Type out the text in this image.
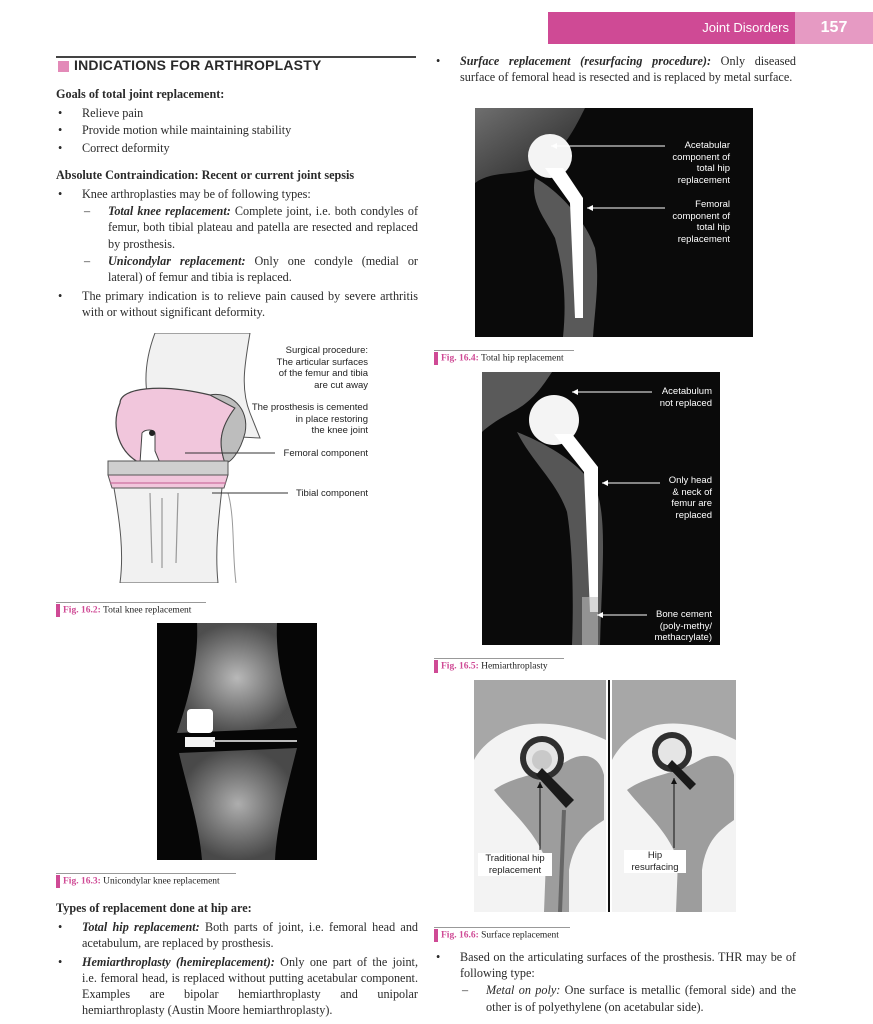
Joint Disorders	157
INDICATIONS FOR ARTHROPLASTY
Goals of total joint replacement:
• Relieve pain
• Provide motion while maintaining stability
• Correct deformity
Absolute Contraindication: Recent or current joint sepsis
• Knee arthroplasties may be of following types:
– Total knee replacement: Complete joint, i.e. both condyles of femur, both tibial plateau and patella are resected and replaced by prosthesis.
– Unicondylar replacement: Only one condyle (medial or lateral) of femur and tibia is replaced.
• The primary indication is to relieve pain caused by severe arthritis with or without significant deformity.
Surgical procedure:
The articular surfaces
of the femur and tibia
are cut away
The prosthesis is cemented
in place restoring
the knee joint
Femoral component
Tibial component
Fig. 16.2: Total knee replacement
Fig. 16.3: Unicondylar knee replacement
Types of replacement done at hip are:
• Total hip replacement: Both parts of joint, i.e. femoral head and acetabulum, are replaced by prosthesis.
• Hemiarthroplasty (hemireplacement): Only one part of the joint, i.e. femoral head, is replaced without putting acetabular component. Examples are bipolar hemiarthroplasty and unipolar hemiarthroplasty (Austin Moore hemiarthroplasty).
• Surface replacement (resurfacing procedure): Only diseased surface of femoral head is resected and is replaced by metal surface.
Acetabular
component of
total hip
replacement
Femoral
component of
total hip
replacement
Fig. 16.4: Total hip replacement
Acetabulum
not replaced
Only head
& neck of
femur are
replaced
Bone cement
(poly-methy/
methacrylate)
Fig. 16.5: Hemiarthroplasty
Traditional hip
replacement
Hip
resurfacing
Fig. 16.6: Surface replacement
• Based on the articulating surfaces of the prosthesis. THR may be of following type:
– Metal on poly: One surface is metallic (femoral side) and the other is of polyethylene (on acetabular side).
